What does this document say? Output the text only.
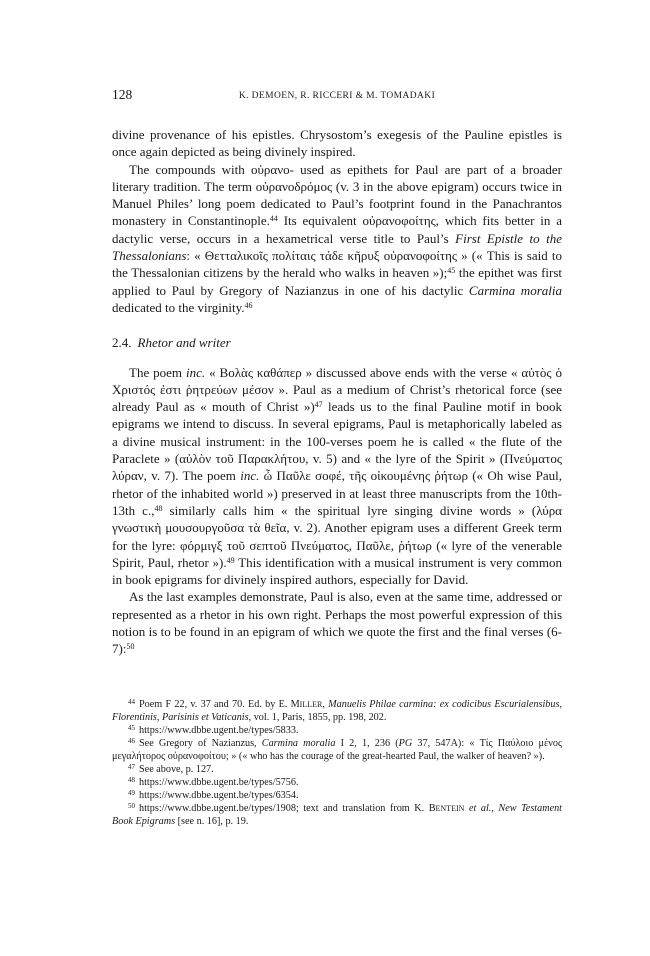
128	K. DEMOEN, R. RICCERI & M. TOMADAKI

divine provenance of his epistles. Chrysostom’s exegesis of the Pauline epistles is once again depicted as being divinely inspired.

The compounds with οὐρανο- used as epithets for Paul are part of a broader literary tradition. The term οὐρανοδρόμος (v. 3 in the above epigram) occurs twice in Manuel Philes’ long poem dedicated to Paul’s footprint found in the Panachrantos monastery in Constantinople.$^{44}$ Its equivalent οὐρανοφοίτης, which fits better in a dactylic verse, occurs in a hexametrical verse title to Paul’s First Epistle to the Thessalonians: « Θετταλικοῖς πολίταις τάδε κῆρυξ οὐρανοφοίτης » (« This is said to the Thessalonian citizens by the herald who walks in heaven »);$^{45}$ the epithet was first applied to Paul by Gregory of Nazianzus in one of his dactylic Carmina moralia dedicated to the virginity.$^{46}$

2.4. Rhetor and writer

The poem inc. « Βολὰς καθάπερ » discussed above ends with the verse « αὐτὸς ὁ Χριστός ἐστι ῥητρεύων μέσον ». Paul as a medium of Christ’s rhetorical force (see already Paul as « mouth of Christ »)$^{47}$ leads us to the final Pauline motif in book epigrams we intend to discuss. In several epigrams, Paul is metaphorically labeled as a divine musical instrument: in the 100-verses poem he is called « the flute of the Paraclete » (αὐλὸν τοῦ Παρακλήτου, v. 5) and « the lyre of the Spirit » (Πνεύματος λύραν, v. 7). The poem inc. ὦ Παῦλε σοφέ, τῆς οἰκουμένης ῥήτωρ (« Oh wise Paul, rhetor of the inhabited world ») preserved in at least three manuscripts from the 10th-13th c.,$^{48}$ similarly calls him « the spiritual lyre singing divine words » (λύρα γνωστικὴ μουσουργοῦσα τὰ θεῖα, v. 2). Another epigram uses a different Greek term for the lyre: φόρμιγξ τοῦ σεπτοῦ Πνεύματος, Παῦλε, ῥήτωρ (« lyre of the venerable Spirit, Paul, rhetor »).$^{49}$ This identification with a musical instrument is very common in book epigrams for divinely inspired authors, especially for David.

As the last examples demonstrate, Paul is also, even at the same time, addressed or represented as a rhetor in his own right. Perhaps the most powerful expression of this notion is to be found in an epigram of which we quote the first and the final verses (6-7):$^{50}$

$^{44}$ Poem F 22, v. 37 and 70. Ed. by E. MILLER, Manuelis Philae carmina: ex codicibus Escurialensibus, Florentinis, Parisinis et Vaticanis, vol. 1, Paris, 1855, pp. 198, 202.

$^{45}$ https://www.dbbe.ugent.be/types/5833.

$^{46}$ See Gregory of Nazianzus, Carmina moralia I 2, 1, 236 (PG 37, 547A): « Τίς Παύλοιο μένος μεγαλήτορος οὐρανοφοίτου; » (« who has the courage of the great-hearted Paul, the walker of heaven? »).

$^{47}$ See above, p. 127.

$^{48}$ https://www.dbbe.ugent.be/types/5756.

$^{49}$ https://www.dbbe.ugent.be/types/6354.

$^{50}$ https://www.dbbe.ugent.be/types/1908; text and translation from K. BENTEIN et al., New Testament Book Epigrams [see n. 16], p. 19.
